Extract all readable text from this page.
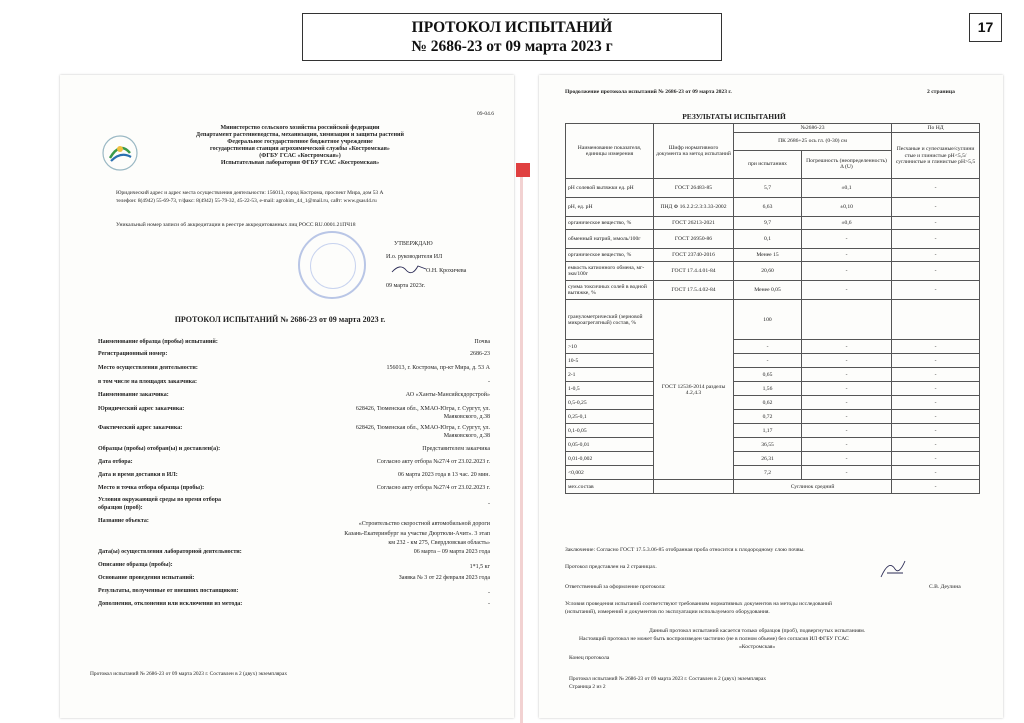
ПРОТОКОЛ ИСПЫТАНИЙ
№ 2686-23 от 09 марта 2023 г
17
09-04.6
Министерство сельского хозяйства российской федерации
Департамент растениеводства, механизации, химизации и защиты растений
Федеральное государственное бюджетное учреждение
государственная станция агрохимической службы «Костромская»
(ФГБУ ГСАС «Костромская»)
Испытательная лаборатория ФГБУ ГСАС «Костромская»
Юридический адрес и адрес места осуществления деятельности: 156013, город Кострома, проспект Мира, дом 53 А
телефон: 8(4942) 55-69-73, т/факс: 8(4942) 55-79-32, 45-22-53, e-mail: agrohim_44_1@mail.ru, сайт: www.gsas44.ru
Уникальный номер записи об аккредитации в реестре аккредитованных лиц РОСС RU.0001.21ПЧ18
УТВЕРЖДАЮ
И.о. руководителя ИЛ
О.Н. Крохичева
09 марта 2023г.
ПРОТОКОЛ ИСПЫТАНИЙ № 2686-23 от 09 марта 2023 г.
Наименование образца (пробы) испытаний:	Почва
Регистрационный номер:	2686-23
Место осуществления деятельности:	156013, г. Кострома, пр-кт Мира, д. 53 А
в том числе на площадях заказчика:	-
Наименование заказчика:	АО «Ханты-Мансийскдорстрой»
Юридический адрес заказчика:	628426, Тюменская обл., ХМАО-Югра, г. Сургут, ул.
Маяковского, д.38
Фактический адрес заказчика:	628426, Тюменская обл., ХМАО-Югра, г. Сургут, ул.
Маяковского, д.38
Образцы (пробы) отобран(ы) и доставлен(а):	Представителем заказчика
Дата отбора:	Согласно акту отбора №27/4 от 23.02.2023 г.
Дата и время доставки в ИЛ:	06 марта 2023 года в 13 час. 20 мин.
Место и точка отбора образца (пробы):	Согласно акту отбора №27/4 от 23.02.2023 г.
Условия окружающей среды во время отбора
образцов (проб):
-
Название объекта:	«Строительство скоростной автомобильной дороги
Казань-Екатеринбург на участке Дюртюли-Ачит». 3 этап
км 232 - км 275, Свердловская область»
Дата(ы) осуществления лабораторной деятельности:	06 марта – 09 марта 2023 года
Описание образца (пробы):	1*1,5 кг
Основание проведения испытаний:	Заявка № 3 от 22 февраля 2023 года
Результаты, полученные от внешних поставщиков:	-
Дополнения, отклонения или исключения из метода:	-
Протокол испытаний № 2686-23 от 09 марта 2023 г. Составлен в 2 (двух) экземплярах
Продолжение протокола испытаний № 2686-23 от 09 марта 2023 г.	2 страница
РЕЗУЛЬТАТЫ ИСПЫТАНИЙ
Наименование показателя, единицы измерения	Шифр нормативного документа на метод испытаний	№2686-23		По НД
		ПК 2686+25 ось гл. (0-30) см		Песчаные и супесчаные/суглини стые и глинистые pH<5,5/суглинистые и глинистые pH>5,5
		при испытаниях	Погрешность (неопределенность) Δ (U)	
pH солевой вытяжки ед. pH	ГОСТ 26483-85	5,7	±0,1	-
pH, ед. pH	ПНД Ф 16.2.2:2.3:3.33-2002	6,63	±0,10	-
органическое вещество, %	ГОСТ 26213-2021	9,7	±0,6	-
обменный натрий, ммоль/100г	ГОСТ 26950-86	0,1	-	-
органическое вещество, %	ГОСТ 23740-2016	Менее 15	-	-
емкость катионного обмена, мг-экв/100г	ГОСТ 17.4.4.01-84	20,60	-	-
сумма токсичных солей в водной вытяжке, %	ГОСТ 17.5.4.02-84	Менее 0,05	-	-
гранулометрический (зерновой микроагрегатный) состав, %	ГОСТ 12536-2014 разделы 4.2,4.3	100		
>10		-	-	-
10-5		-	-	-
2-1		0,65	-	-
1-0,5		1,56	-	-
0,5-0,25		0,62	-	-
0,25-0,1		0,72	-	-
0,1-0,05		1,17	-	-
0,05-0,01		36,55	-	-
0,01-0,002		26,31	-	-
<0,002		7,2	-	-
мех.состав		Суглинок средний		-
Заключение: Согласно ГОСТ 17.5.3.06-85 отобранная проба относится к плодородному слою почвы.
Протокол представлен на 2 страницах.
Ответственный за оформление протокола:	С.В. Деулина
Условия проведения испытаний соответствуют требованиям нормативных документов на методы исследований
(испытаний), измерений и документов по эксплуатации используемого оборудования.
Данный протокол испытаний касается только образцов (проб), подвергнутых испытаниям.
Настоящий протокол не может быть воспроизведен частично (не в полном объеме) без согласия ИЛ ФГБУ ГСАС
«Костромская»
Конец протокола
Протокол испытаний № 2686-23 от 09 марта 2023 г. Составлен в 2 (двух) экземплярах
Страница 2 из 2
